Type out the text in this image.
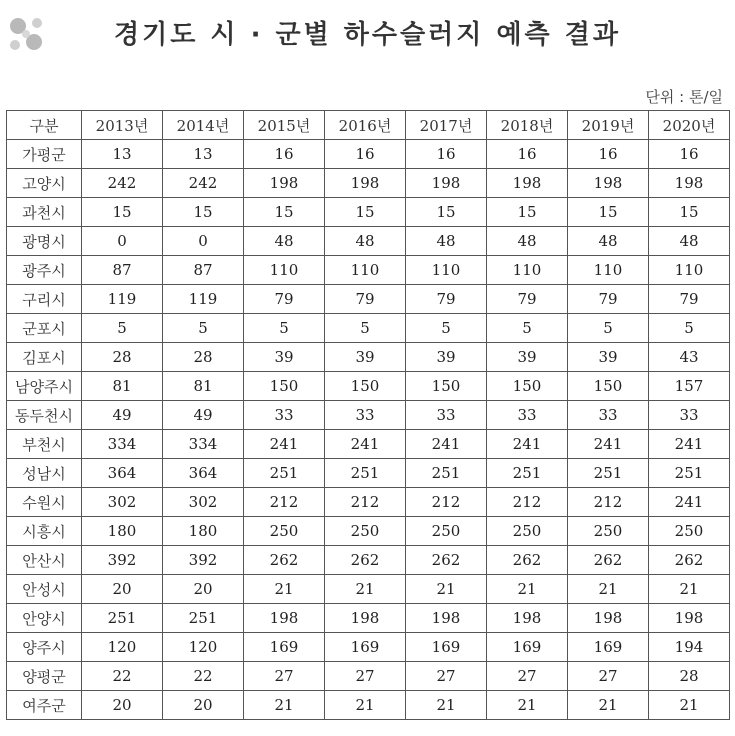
경기도 시 · 군별 하수슬러지 예측 결과
단위 : 톤/일
구분	2013년	2014년	2015년	2016년	2017년	2018년	2019년	2020년
가평군	13	13	16	16	16	16	16	16
고양시	242	242	198	198	198	198	198	198
과천시	15	15	15	15	15	15	15	15
광명시	0	0	48	48	48	48	48	48
광주시	87	87	110	110	110	110	110	110
구리시	119	119	79	79	79	79	79	79
군포시	5	5	5	5	5	5	5	5
김포시	28	28	39	39	39	39	39	43
남양주시	81	81	150	150	150	150	150	157
동두천시	49	49	33	33	33	33	33	33
부천시	334	334	241	241	241	241	241	241
성남시	364	364	251	251	251	251	251	251
수원시	302	302	212	212	212	212	212	241
시흥시	180	180	250	250	250	250	250	250
안산시	392	392	262	262	262	262	262	262
안성시	20	20	21	21	21	21	21	21
안양시	251	251	198	198	198	198	198	198
양주시	120	120	169	169	169	169	169	194
양평군	22	22	27	27	27	27	27	28
여주군	20	20	21	21	21	21	21	21
